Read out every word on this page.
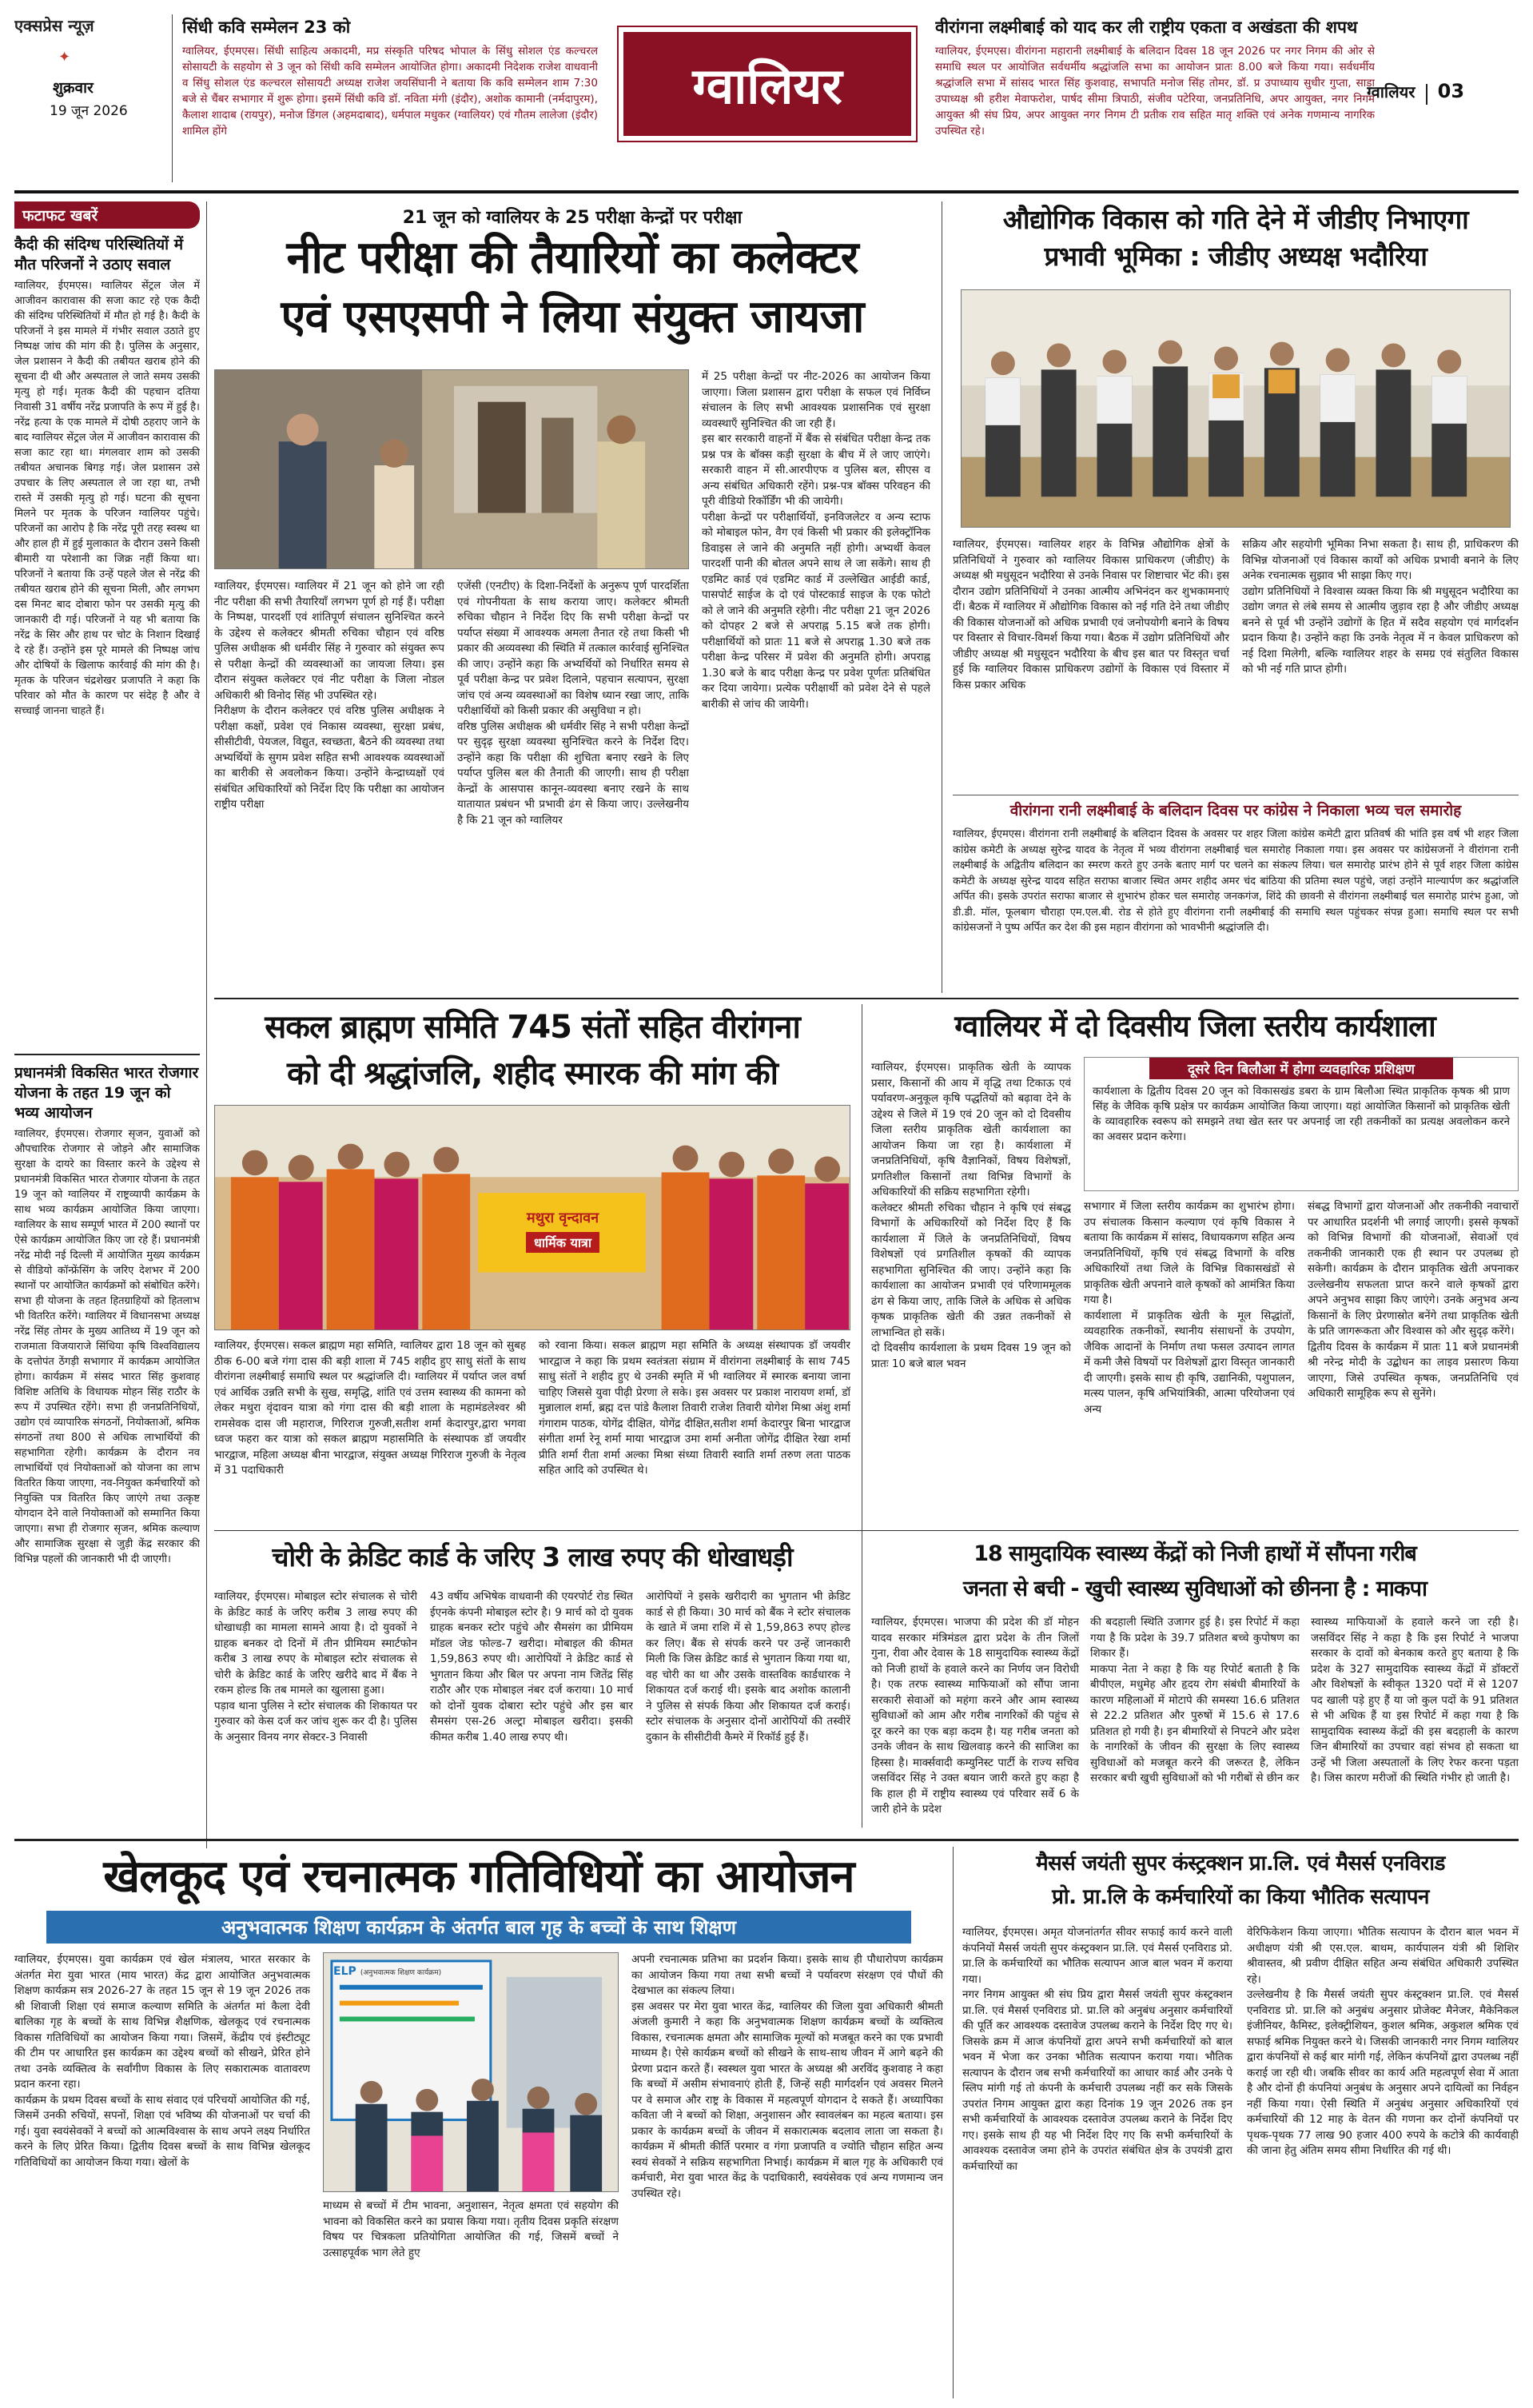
एक्सप्रेस न्यूज़
✦
शुक्रवार
19 जून 2026
सिंधी कवि सम्मेलन 23 को
ग्वालियर, ईएमएस। सिंधी साहित्य अकादमी, मप्र संस्कृति परिषद भोपाल के सिंधु सोशल एंड कल्चरल सोसायटी के सहयोग से 3 जून को सिंधी कवि सम्मेलन आयोजित होगा। अकादमी निदेशक राजेश वाधवानी व सिंधु सोशल एंड कल्चरल सोसायटी अध्यक्ष राजेश जयसिंघानी ने बताया कि कवि सम्मेलन शाम 7:30 बजे से चैंबर सभागार में शुरू होगा। इसमें सिंधी कवि डॉ. नविता मंगी (इंदौर), अशोक कामानी (नर्मदापुरम), कैलाश शादाब (रायपुर), मनोज डिंगल (अहमदाबाद), धर्मपाल मधुकर (ग्वालियर) एवं गौतम लालेजा (इंदौर) शामिल होंगे
ग्वालियर
वीरांगना लक्ष्मीबाई को याद कर ली राष्ट्रीय एकता व अखंडता की शपथ
ग्वालियर, ईएमएस। वीरांगना महारानी लक्ष्मीबाई के बलिदान दिवस 18 जून 2026 पर नगर निगम की ओर से समाधि स्थल पर आयोजित सर्वधर्मीय श्रद्धांजलि सभा का आयोजन प्रातः 8.00 बजे किया गया। सर्वधर्मीय श्रद्धांजलि सभा में सांसद भारत सिंह कुशवाह, सभापति मनोज सिंह तोमर, डॉ. प्र उपाध्याय सुधीर गुप्ता, साडा उपाध्यक्ष श्री हरीश मेवाफरोश, पार्षद सीमा त्रिपाठी, संजीव पटेरिया, जनप्रतिनिधि, अपर आयुक्त, नगर निगम आयुक्त श्री संघ प्रिय, अपर आयुक्त नगर निगम टी प्रतीक राव सहित मातृ शक्ति एवं अनेक गणमान्य नागरिक उपस्थित रहे।
ग्वालियर 03
फटाफट खबरें
कैदी की संदिग्ध परिस्थितियों में मौत परिजनों ने उठाए सवाल
ग्वालियर, ईएमएस। ग्वालियर सेंट्रल जेल में आजीवन कारावास की सजा काट रहे एक कैदी की संदिग्ध परिस्थितियों में मौत हो गई है। कैदी के परिजनों ने इस मामले में गंभीर सवाल उठाते हुए निष्पक्ष जांच की मांग की है। पुलिस के अनुसार, जेल प्रशासन ने कैदी की तबीयत खराब होने की सूचना दी थी और अस्पताल ले जाते समय उसकी मृत्यु हो गई। मृतक कैदी की पहचान दतिया निवासी 31 वर्षीय नरेंद्र प्रजापति के रूप में हुई है। नरेंद्र हत्या के एक मामले में दोषी ठहराए जाने के बाद ग्वालियर सेंट्रल जेल में आजीवन कारावास की सजा काट रहा था। मंगलवार शाम को उसकी तबीयत अचानक बिगड़ गई। जेल प्रशासन उसे उपचार के लिए अस्पताल ले जा रहा था, तभी रास्ते में उसकी मृत्यु हो गई। घटना की सूचना मिलने पर मृतक के परिजन ग्वालियर पहुंचे। परिजनों का आरोप है कि नरेंद्र पूरी तरह स्वस्थ था और हाल ही में हुई मुलाकात के दौरान उसने किसी बीमारी या परेशानी का जिक्र नहीं किया था। परिजनों ने बताया कि उन्हें पहले जेल से नरेंद्र की तबीयत खराब होने की सूचना मिली, और लगभग दस मिनट बाद दोबारा फोन पर उसकी मृत्यु की जानकारी दी गई। परिजनों ने यह भी बताया कि नरेंद्र के सिर और हाथ पर चोट के निशान दिखाई दे रहे हैं। उन्होंने इस पूरे मामले की निष्पक्ष जांच और दोषियों के खिलाफ कार्रवाई की मांग की है। मृतक के परिजन चंद्रशेखर प्रजापति ने कहा कि परिवार को मौत के कारण पर संदेह है और वे सच्चाई जानना चाहते हैं।
प्रधानमंत्री विकसित भारत रोजगार योजना के तहत 19 जून को भव्य आयोजन
ग्वालियर, ईएमएस। रोजगार सृजन, युवाओं को औपचारिक रोजगार से जोड़ने और सामाजिक सुरक्षा के दायरे का विस्तार करने के उद्देश्य से प्रधानमंत्री विकसित भारत रोजगार योजना के तहत 19 जून को ग्वालियर में राष्ट्रव्यापी कार्यक्रम के साथ भव्य कार्यक्रम आयोजित किया जाएगा। ग्वालियर के साथ सम्पूर्ण भारत में 200 स्थानों पर ऐसे कार्यक्रम आयोजित किए जा रहे हैं। प्रधानमंत्री नरेंद्र मोदी नई दिल्ली में आयोजित मुख्य कार्यक्रम से वीडियो कॉन्फ्रेंसिंग के जरिए देशभर में 200 स्थानों पर आयोजित कार्यक्रमों को संबोधित करेंगे। सभा ही योजना के तहत हितग्राहियों को हितलाभ भी वितरित करेंगे। ग्वालियर में विधानसभा अध्यक्ष नरेंद्र सिंह तोमर के मुख्य आतिथ्य में 19 जून को राजमाता विजयाराजे सिंधिया कृषि विश्वविद्यालय के दत्तोपंत ठेंगड़ी सभागार में कार्यक्रम आयोजित होगा। कार्यक्रम में संसद भारत सिंह कुशवाह विशिष्ट अतिथि के विधायक मोहन सिंह राठौर के रूप में उपस्थित रहेंगे। सभा ही जनप्रतिनिधियों, उद्योग एवं व्यापारिक संगठनों, नियोक्ताओं, श्रमिक संगठनों तथा 800 से अधिक लाभार्थियों की सहभागिता रहेगी। कार्यक्रम के दौरान नव लाभार्थियों एवं नियोक्ताओं को योजना का लाभ वितरित किया जाएगा, नव-नियुक्त कर्मचारियों को नियुक्ति पत्र वितरित किए जाएंगे तथा उत्कृष्ट योगदान देने वाले नियोक्ताओं को सम्मानित किया जाएगा। सभा ही रोजगार सृजन, श्रमिक कल्याण और सामाजिक सुरक्षा से जुड़ी केंद्र सरकार की विभिन्न पहलों की जानकारी भी दी जाएगी।
21 जून को ग्वालियर के 25 परीक्षा केन्द्रों पर परीक्षा
नीट परीक्षा की तैयारियों का कलेक्टर
एवं एसएसपी ने लिया संयुक्त जायजा
ग्वालियर, ईएमएस। ग्वालियर में 21 जून को होने जा रही नीट परीक्षा की सभी तैयारियाँ लगभग पूर्ण हो गई हैं। परीक्षा के निष्पक्ष, पारदर्शी एवं शांतिपूर्ण संचालन सुनिश्चित करने के उद्देश्य से कलेक्टर श्रीमती रुचिका चौहान एवं वरिष्ठ पुलिस अधीक्षक श्री धर्मवीर सिंह ने गुरुवार को संयुक्त रूप से परीक्षा केन्द्रों की व्यवस्थाओं का जायजा लिया। इस दौरान संयुक्त कलेक्टर एवं नीट परीक्षा के जिला नोडल अधिकारी श्री विनोद सिंह भी उपस्थित रहे।
निरीक्षण के दौरान कलेक्टर एवं वरिष्ठ पुलिस अधीक्षक ने परीक्षा कक्षों, प्रवेश एवं निकास व्यवस्था, सुरक्षा प्रबंध, सीसीटीवी, पेयजल, विद्युत, स्वच्छता, बैठने की व्यवस्था तथा अभ्यर्थियों के सुगम प्रवेश सहित सभी आवश्यक व्यवस्थाओं का बारीकी से अवलोकन किया। उन्होंने केन्द्राध्यक्षों एवं संबंधित अधिकारियों को निर्देश दिए कि परीक्षा का आयोजन राष्ट्रीय परीक्षा
एजेंसी (एनटीए) के दिशा-निर्देशों के अनुरूप पूर्ण पारदर्शिता एवं गोपनीयता के साथ कराया जाए। कलेक्टर श्रीमती रुचिका चौहान ने निर्देश दिए कि सभी परीक्षा केन्द्रों पर पर्याप्त संख्या में आवश्यक अमला तैनात रहे तथा किसी भी प्रकार की अव्यवस्था की स्थिति में तत्काल कार्रवाई सुनिश्चित की जाए। उन्होंने कहा कि अभ्यर्थियों को निर्धारित समय से पूर्व परीक्षा केन्द्र पर प्रवेश दिलाने, पहचान सत्यापन, सुरक्षा जांच एवं अन्य व्यवस्थाओं का विशेष ध्यान रखा जाए, ताकि परीक्षार्थियों को किसी प्रकार की असुविधा न हो।
वरिष्ठ पुलिस अधीक्षक श्री धर्मवीर सिंह ने सभी परीक्षा केन्द्रों पर सुदृढ़ सुरक्षा व्यवस्था सुनिश्चित करने के निर्देश दिए। उन्होंने कहा कि परीक्षा की शुचिता बनाए रखने के लिए पर्याप्त पुलिस बल की तैनाती की जाएगी। साथ ही परीक्षा केन्द्रों के आसपास कानून-व्यवस्था बनाए रखने के साथ यातायात प्रबंधन भी प्रभावी ढंग से किया जाए। उल्लेखनीय है कि 21 जून को ग्वालियर
में 25 परीक्षा केन्द्रों पर नीट-2026 का आयोजन किया जाएगा। जिला प्रशासन द्वारा परीक्षा के सफल एवं निर्विघ्न संचालन के लिए सभी आवश्यक प्रशासनिक एवं सुरक्षा व्यवस्थाएँ सुनिश्चित की जा रही हैं।
इस बार सरकारी वाहनों में बैंक से संबंधित परीक्षा केन्द्र तक प्रश्न पत्र के बॉक्स कड़ी सुरक्षा के बीच में ले जाए जाएंगे। सरकारी वाहन में सी.आरपीएफ व पुलिस बल, सीएस व अन्य संबंधित अधिकारी रहेंगे। प्रश्न-पत्र बॉक्स परिवहन की पूरी वीडियो रिकॉर्डिंग भी की जायेगी।
परीक्षा केन्द्रों पर परीक्षार्थियों, इनविजलेटर व अन्य स्टाफ को मोबाइल फोन, वैग एवं किसी भी प्रकार की इलेक्ट्रॉनिक डिवाइस ले जाने की अनुमति नहीं होगी। अभ्यर्थी केवल पारदर्शी पानी की बोतल अपने साथ ले जा सकेंगे। साथ ही एडमिट कार्ड एवं एडमिट कार्ड में उल्लेखित आईडी कार्ड, पासपोर्ट साईज के दो एवं पोस्टकार्ड साइज के एक फोटो को ले जाने की अनुमति रहेगी। नीट परीक्षा 21 जून 2026 को दोपहर 2 बजे से अपराह्न 5.15 बजे तक होगी। परीक्षार्थियों को प्रातः 11 बजे से अपराह्न 1.30 बजे तक परीक्षा केन्द्र परिसर में प्रवेश की अनुमति होगी। अपराह्न 1.30 बजे के बाद परीक्षा केन्द्र पर प्रवेश पूर्णतः प्रतिबंधित कर दिया जायेगा। प्रत्येक परीक्षार्थी को प्रवेश देने से पहले बारीकी से जांच की जायेगी।
औद्योगिक विकास को गति देने में जीडीए निभाएगा
प्रभावी भूमिका : जीडीए अध्यक्ष भदौरिया
ग्वालियर, ईएमएस। ग्वालियर शहर के विभिन्न औद्योगिक क्षेत्रों के प्रतिनिधियों ने गुरुवार को ग्वालियर विकास प्राधिकरण (जीडीए) के अध्यक्ष श्री मधुसूदन भदौरिया से उनके निवास पर शिष्टाचार भेंट की। इस दौरान उद्योग प्रतिनिधियों ने उनका आत्मीय अभिनंदन कर शुभकामनाएं दीं। बैठक में ग्वालियर में औद्योगिक विकास को नई गति देने तथा जीडीए की विकास योजनाओं को अधिक प्रभावी एवं जनोपयोगी बनाने के विषय पर विस्तार से विचार-विमर्श किया गया। बैठक में उद्योग प्रतिनिधियों और जीडीए अध्यक्ष श्री मधुसूदन भदौरिया के बीच इस बात पर विस्तृत चर्चा हुई कि ग्वालियर विकास प्राधिकरण उद्योगों के विकास एवं विस्तार में किस प्रकार अधिक
सक्रिय और सहयोगी भूमिका निभा सकता है। साथ ही, प्राधिकरण की विभिन्न योजनाओं एवं विकास कार्यों को अधिक प्रभावी बनाने के लिए अनेक रचनात्मक सुझाव भी साझा किए गए।
उद्योग प्रतिनिधियों ने विश्वास व्यक्त किया कि श्री मधुसूदन भदौरिया का उद्योग जगत से लंबे समय से आत्मीय जुड़ाव रहा है और जीडीए अध्यक्ष बनने से पूर्व भी उन्होंने उद्योगों के हित में सदैव सहयोग एवं मार्गदर्शन प्रदान किया है। उन्होंने कहा कि उनके नेतृत्व में न केवल प्राधिकरण को नई दिशा मिलेगी, बल्कि ग्वालियर शहर के समग्र एवं संतुलित विकास को भी नई गति प्राप्त होगी।
वीरांगना रानी लक्ष्मीबाई के बलिदान दिवस पर कांग्रेस ने निकाला भव्य चल समारोह
ग्वालियर, ईएमएस। वीरांगना रानी लक्ष्मीबाई के बलिदान दिवस के अवसर पर शहर जिला कांग्रेस कमेटी द्वारा प्रतिवर्ष की भांति इस वर्ष भी शहर जिला कांग्रेस कमेटी के अध्यक्ष सुरेन्द्र यादव के नेतृत्व में भव्य वीरांगना लक्ष्मीबाई चल समारोह निकाला गया। इस अवसर पर कांग्रेसजनों ने वीरांगना रानी लक्ष्मीबाई के अद्वितीय बलिदान का स्मरण करते हुए उनके बताए मार्ग पर चलने का संकल्प लिया। चल समारोह प्रारंभ होने से पूर्व शहर जिला कांग्रेस कमेटी के अध्यक्ष सुरेन्द्र यादव सहित सराफा बाजार स्थित अमर शहीद अमर चंद बांठिया की प्रतिमा स्थल पहुंचे, जहां उन्होंने माल्यार्पण कर श्रद्धांजलि अर्पित की। इसके उपरांत सराफा बाजार से शुभारंभ होकर चल समारोह जनकगंज, शिंदे की छावनी से वीरांगना लक्ष्मीबाई चल समारोह प्रारंभ हुआ, जो डी.डी. मॉल, फूलबाग चौराहा एम.एल.बी. रोड से होते हुए वीरांगना रानी लक्ष्मीबाई की समाधि स्थल पहुंचकर संपन्न हुआ। समाधि स्थल पर सभी कांग्रेसजनों ने पुष्प अर्पित कर देश की इस महान वीरांगना को भावभीनी श्रद्धांजलि दी।
सकल ब्राह्मण समिति 745 संतों सहित वीरांगना
को दी श्रद्धांजलि, शहीद स्मारक की मांग की
मथुरा वृन्दावन
धार्मिक यात्रा
ग्वालियर, ईएमएस। सकल ब्राह्मण महा समिति, ग्वालियर द्वारा 18 जून को सुबह ठीक 6-00 बजे गंगा दास की बड़ी शाला में 745 शहीद हुए साधु संतों के साथ वीरांगना लक्ष्मीबाई समाधि स्थल पर श्रद्धांजलि दी। ग्वालियर में पर्याप्त जल वर्षा एवं आर्थिक उन्नति सभी के सुख, समृद्धि, शांति एवं उत्तम स्वास्थ्य की कामना को लेकर मथुरा वृंदावन यात्रा को गंगा दास की बड़ी शाला के महामंडलेश्वर श्री रामसेवक दास जी महाराज, गिरिराज गुरुजी,सतीश शर्मा केदारपुर,द्वारा भगवा ध्वज फहरा कर यात्रा को सकल ब्राह्मण महासमिति के संस्थापक डॉ जयवीर भारद्वाज, महिला अध्यक्ष बीना भारद्वाज, संयुक्त अध्यक्ष गिरिराज गुरुजी के नेतृत्व में 31 पदाधिकारी
को रवाना किया। सकल ब्राह्मण महा समिति के अध्यक्ष संस्थापक डॉ जयवीर भारद्वाज ने कहा कि प्रथम स्वतंत्रता संग्राम में वीरांगना लक्ष्मीबाई के साथ 745 साधु संतों ने शहीद हुए थे उनकी स्मृति में भी ग्वालियर में स्मारक बनाया जाना चाहिए जिससे युवा पीढ़ी प्रेरणा ले सके। इस अवसर पर प्रकाश नारायण शर्मा, डॉ मुन्नालाल शर्मा, ब्रह्म दत्त पांडे कैलाश तिवारी राजेश तिवारी योगेश मिश्रा अंशु शर्मा गंगाराम पाठक, योगेंद्र दीक्षित, योगेंद्र दीक्षित,सतीश शर्मा केदारपुर बिना भारद्वाज संगीता शर्मा रेनू शर्मा माया भारद्वाज उमा शर्मा अनीता जोगेंद्र दीक्षित रेखा शर्मा प्रीति शर्मा रीता शर्मा अल्का मिश्रा संध्या तिवारी स्वाति शर्मा तरुण लता पाठक सहित आदि को उपस्थित थे।
ग्वालियर में दो दिवसीय जिला स्तरीय कार्यशाला
ग्वालियर, ईएमएस। प्राकृतिक खेती के व्यापक प्रसार, किसानों की आय में वृद्धि तथा टिकाऊ एवं पर्यावरण-अनुकूल कृषि पद्धतियों को बढ़ावा देने के उद्देश्य से जिले में 19 एवं 20 जून को दो दिवसीय जिला स्तरीय प्राकृतिक खेती कार्यशाला का आयोजन किया जा रहा है। कार्यशाला में जनप्रतिनिधियों, कृषि वैज्ञानिकों, विषय विशेषज्ञों, प्रगतिशील किसानों तथा विभिन्न विभागों के अधिकारियों की सक्रिय सहभागिता रहेगी।
कलेक्टर श्रीमती रुचिका चौहान ने कृषि एवं संबद्ध विभागों के अधिकारियों को निर्देश दिए हैं कि कार्यशाला में जिले के जनप्रतिनिधियों, विषय विशेषज्ञों एवं प्रगतिशील कृषकों की व्यापक सहभागिता सुनिश्चित की जाए। उन्होंने कहा कि कार्यशाला का आयोजन प्रभावी एवं परिणाममूलक ढंग से किया जाए, ताकि जिले के अधिक से अधिक कृषक प्राकृतिक खेती की उन्नत तकनीकों से लाभान्वित हो सकें।
दो दिवसीय कार्यशाला के प्रथम दिवस 19 जून को प्रातः 10 बजे बाल भवन
दूसरे दिन बिलौआ में होगा व्यवहारिक प्रशिक्षण
कार्यशाला के द्वितीय दिवस 20 जून को विकासखंड डबरा के ग्राम बिलौआ स्थित प्राकृतिक कृषक श्री प्राण सिंह के जैविक कृषि प्रक्षेत्र पर कार्यक्रम आयोजित किया जाएगा। यहां आयोजित किसानों को प्राकृतिक खेती के व्यावहारिक स्वरूप को समझने तथा खेत स्तर पर अपनाई जा रही तकनीकों का प्रत्यक्ष अवलोकन करने का अवसर प्रदान करेगा।
सभागार में जिला स्तरीय कार्यक्रम का शुभारंभ होगा। उप संचालक किसान कल्याण एवं कृषि विकास ने बताया कि कार्यक्रम में सांसद, विधायकगण सहित अन्य जनप्रतिनिधियों, कृषि एवं संबद्ध विभागों के वरिष्ठ अधिकारियों तथा जिले के विभिन्न विकासखंडों से प्राकृतिक खेती अपनाने वाले कृषकों को आमंत्रित किया गया है।
कार्यशाला में प्राकृतिक खेती के मूल सिद्धांतों, व्यवहारिक तकनीकों, स्थानीय संसाधनों के उपयोग, जैविक आदानों के निर्माण तथा फसल उत्पादन लागत में कमी जैसे विषयों पर विशेषज्ञों द्वारा विस्तृत जानकारी दी जाएगी। इसके साथ ही कृषि, उद्यानिकी, पशुपालन, मत्स्य पालन, कृषि अभियांत्रिकी, आत्मा परियोजना एवं अन्य
संबद्ध विभागों द्वारा योजनाओं और तकनीकी नवाचारों पर आधारित प्रदर्शनी भी लगाई जाएगी। इससे कृषकों को विभिन्न विभागों की योजनाओं, सेवाओं एवं तकनीकी जानकारी एक ही स्थान पर उपलब्ध हो सकेगी। कार्यक्रम के दौरान प्राकृतिक खेती अपनाकर उल्लेखनीय सफलता प्राप्त करने वाले कृषकों द्वारा अपने अनुभव साझा किए जाएंगे। उनके अनुभव अन्य किसानों के लिए प्रेरणास्रोत बनेंगे तथा प्राकृतिक खेती के प्रति जागरूकता और विश्वास को और सुदृढ़ करेंगे।
द्वितीय दिवस के कार्यक्रम में प्रातः 11 बजे प्रधानमंत्री श्री नरेन्द्र मोदी के उद्बोधन का लाइव प्रसारण किया जाएगा, जिसे उपस्थित कृषक, जनप्रतिनिधि एवं अधिकारी सामूहिक रूप से सुनेंगे।
चोरी के क्रेडिट कार्ड के जरिए 3 लाख रुपए की धोखाधड़ी
ग्वालियर, ईएमएस। मोबाइल स्टोर संचालक से चोरी के क्रेडिट कार्ड के जरिए करीब 3 लाख रुपए की धोखाधड़ी का मामला सामने आया है। दो युवकों ने ग्राहक बनकर दो दिनों में तीन प्रीमियम स्मार्टफोन करीब 3 लाख रुपए के मोबाइल स्टोर संचालक से चोरी के क्रेडिट कार्ड के जरिए खरीदे बाद में बैंक ने रकम होल्ड कि तब मामले का खुलासा हुआ।
पड़ाव थाना पुलिस ने स्टोर संचालक की शिकायत पर गुरुवार को केस दर्ज कर जांच शुरू कर दी है। पुलिस के अनुसार विनय नगर सेक्टर-3 निवासी
43 वर्षीय अभिषेक वाधवानी की एयरपोर्ट रोड स्थित ईएनके कंपनी मोबाइल स्टोर है। 9 मार्च को दो युवक ग्राहक बनकर स्टोर पहुंचे और सैमसंग का प्रीमियम मॉडल जेड फोल्ड-7 खरीदा। मोबाइल की कीमत 1,59,863 रुपए थी। आरोपियों ने क्रेडिट कार्ड से भुगतान किया और बिल पर अपना नाम जितेंद्र सिंह राठौर और एक मोबाइल नंबर दर्ज कराया। 10 मार्च को दोनों युवक दोबारा स्टोर पहुंचे और इस बार सैमसंग एस-26 अल्ट्रा मोबाइल खरीदा। इसकी कीमत करीब 1.40 लाख रुपए थी।
आरोपियों ने इसके खरीदारी का भुगतान भी क्रेडिट कार्ड से ही किया। 30 मार्च को बैंक ने स्टोर संचालक के खाते में जमा राशि में से 1,59,863 रुपए होल्ड कर लिए। बैंक से संपर्क करने पर उन्हें जानकारी मिली कि जिस क्रेडिट कार्ड से भुगतान किया गया था, वह चोरी का था और उसके वास्तविक कार्डधारक ने शिकायत दर्ज कराई थी। इसके बाद अशोक कालानी ने पुलिस से संपर्क किया और शिकायत दर्ज कराई। स्टोर संचालक के अनुसार दोनों आरोपियों की तस्वीरें दुकान के सीसीटीवी कैमरे में रिकॉर्ड हुई हैं।
18 सामुदायिक स्वास्थ्य केंद्रों को निजी हाथों में सौंपना गरीब
जनता से बची - खुची स्वास्थ्य सुविधाओं को छीनना है : माकपा
ग्वालियर, ईएमएस। भाजपा की प्रदेश की डॉ मोहन यादव सरकार मंत्रिमंडल द्वारा प्रदेश के तीन जिलों गुना, रीवा और देवास के 18 सामुदायिक स्वास्थ्य केंद्रों को निजी हाथों के हवाले करने का निर्णय जन विरोधी है। एक तरफ स्वास्थ्य माफियाओं को सौंपा जाना सरकारी सेवाओं को महंगा करने और आम स्वास्थ्य सुविधाओं को आम और गरीब नागरिकों की पहुंच से दूर करने का एक बड़ा कदम है। यह गरीब जनता को उनके जीवन के साथ खिलवाड़ करने की साजिश का हिस्सा है। मार्क्सवादी कम्युनिस्ट पार्टी के राज्य सचिव जसविंदर सिंह ने उक्त बयान जारी करते हुए कहा है कि हाल ही में राष्ट्रीय स्वास्थ्य एवं परिवार सर्वे 6 के जारी होने के प्रदेश
की बदहाली स्थिति उजागर हुई है। इस रिपोर्ट में कहा गया है कि प्रदेश के 39.7 प्रतिशत बच्चे कुपोषण का शिकार हैं।
माकपा नेता ने कहा है कि यह रिपोर्ट बताती है कि बीपीएल, मधुमेह और हृदय रोग संबंधी बीमारियों के कारण महिलाओं में मोटापे की समस्या 16.6 प्रतिशत से 22.2 प्रतिशत और पुरुषों में 15.6 से 17.6 प्रतिशत हो गयी है। इन बीमारियों से निपटने और प्रदेश के नागरिकों के जीवन की सुरक्षा के लिए स्वास्थ्य सुविधाओं को मजबूत करने की जरूरत है, लेकिन सरकार बची खुची सुविधाओं को भी गरीबों से छीन कर
स्वास्थ्य माफियाओं के हवाले करने जा रही है। जसविंदर सिंह ने कहा है कि इस रिपोर्ट ने भाजपा सरकार के दावों को बेनकाब करते हुए बताया है कि प्रदेश के 327 सामुदायिक स्वास्थ्य केंद्रों में डॉक्टरों और विशेषज्ञों के स्वीकृत 1320 पदों में से 1207 पद खाली पड़े हुए हैं या जो कुल पदों के 91 प्रतिशत से भी अधिक हैं या इस रिपोर्ट में कहा गया है कि सामुदायिक स्वास्थ्य केंद्रों की इस बदहाली के कारण जिन बीमारियों का उपचार वहां संभव हो सकता था उन्हें भी जिला अस्पतालों के लिए रेफर करना पड़ता है। जिस कारण मरीजों की स्थिति गंभीर हो जाती है।
खेलकूद एवं रचनात्मक गतिविधियों का आयोजन
अनुभवात्मक शिक्षण कार्यक्रम के अंतर्गत बाल गृह के बच्चों के साथ शिक्षण
ग्वालियर, ईएमएस। युवा कार्यक्रम एवं खेल मंत्रालय, भारत सरकार के अंतर्गत मेरा युवा भारत (माय भारत) केंद्र द्वारा आयोजित अनुभवात्मक शिक्षण कार्यक्रम सत्र 2026-27 के तहत 15 जून से 19 जून 2026 तक श्री शिवाजी शिक्षा एवं समाज कल्याण समिति के अंतर्गत मां कैला देवी बालिका गृह के बच्चों के साथ विभिन्न शैक्षणिक, खेलकूद एवं रचनात्मक विकास गतिविधियों का आयोजन किया गया। जिसमें, केंद्रीय एवं इंस्टीट्यूट की टीम पर आधारित इस कार्यक्रम का उद्देश्य बच्चों को सीखने, प्रेरित होने तथा उनके व्यक्तित्व के सर्वांगीण विकास के लिए सकारात्मक वातावरण प्रदान करना रहा।
कार्यक्रम के प्रथम दिवस बच्चों के साथ संवाद एवं परिचयों आयोजित की गई, जिसमें उनकी रुचियों, सपनों, शिक्षा एवं भविष्य की योजनाओं पर चर्चा की गई। युवा स्वयंसेवकों ने बच्चों को आत्मविश्वास के साथ अपने लक्ष्य निर्धारित करने के लिए प्रेरित किया। द्वितीय दिवस बच्चों के साथ विभिन्न खेलकूद गतिविधियों का आयोजन किया गया। खेलों के
ELP (अनुभवात्मक शिक्षण कार्यक्रम)
माध्यम से बच्चों में टीम भावना, अनुशासन, नेतृत्व क्षमता एवं सहयोग की भावना को विकसित करने का प्रयास किया गया। तृतीय दिवस प्रकृति संरक्षण विषय पर चित्रकला प्रतियोगिता आयोजित की गई, जिसमें बच्चों ने उत्साहपूर्वक भाग लेते हुए
अपनी रचनात्मक प्रतिभा का प्रदर्शन किया। इसके साथ ही पौधारोपण कार्यक्रम का आयोजन किया गया तथा सभी बच्चों ने पर्यावरण संरक्षण एवं पौधों की देखभाल का संकल्प लिया।
इस अवसर पर मेरा युवा भारत केंद्र, ग्वालियर की जिला युवा अधिकारी श्रीमती अंजली कुमारी ने कहा कि अनुभवात्मक शिक्षण कार्यक्रम बच्चों के व्यक्तित्व विकास, रचनात्मक क्षमता और सामाजिक मूल्यों को मजबूत करने का एक प्रभावी माध्यम है। ऐसे कार्यक्रम बच्चों को सीखने के साथ-साथ जीवन में आगे बढ़ने की प्रेरणा प्रदान करते हैं। स्वस्थल युवा भारत के अध्यक्ष श्री अरविंद कुशवाह ने कहा कि बच्चों में असीम संभावनाएं होती हैं, जिन्हें सही मार्गदर्शन एवं अवसर मिलने पर वे समाज और राष्ट्र के विकास में महत्वपूर्ण योगदान दे सकते हैं। अध्यापिका कविता जी ने बच्चों को शिक्षा, अनुशासन और स्वावलंबन का महत्व बताया। इस प्रकार के कार्यक्रम बच्चों के जीवन में सकारात्मक बदलाव लाता जा सकता है। कार्यक्रम में श्रीमती कीर्ति परमार व गंगा प्रजापति व ज्योति चौहान सहित अन्य स्वयं सेवकों ने सक्रिय सहभागिता निभाई। कार्यक्रम में बाल गृह के अधिकारी एवं कर्मचारी, मेरा युवा भारत केंद्र के पदाधिकारी, स्वयंसेवक एवं अन्य गणमान्य जन उपस्थित रहे।
मैसर्स जयंती सुपर कंस्ट्रक्शन प्रा.लि. एवं मैसर्स एनविराड
प्रो. प्रा.लि के कर्मचारियों का किया भौतिक सत्यापन
ग्वालियर, ईएमएस। अमृत योजनांतर्गत सीवर सफाई कार्य करने वाली कंपनियों मैसर्स जयंती सुपर कंस्ट्रक्शन प्रा.लि. एवं मैसर्स एनविराड प्रो. प्रा.लि के कर्मचारियों का भौतिक सत्यापन आज बाल भवन में कराया गया।
नगर निगम आयुक्त श्री संघ प्रिय द्वारा मैसर्स जयंती सुपर कंस्ट्रक्शन प्रा.लि. एवं मैसर्स एनविराड प्रो. प्रा.लि को अनुबंध अनुसार कर्मचारियों की पूर्ति कर आवश्यक दस्तावेज उपलब्ध कराने के निर्देश दिए गए थे। जिसके क्रम में आज कंपनियों द्वारा अपने सभी कर्मचारियों को बाल भवन में भेजा कर उनका भौतिक सत्यापन कराया गया। भौतिक सत्यापन के दौरान जब सभी कर्मचारियों का आधार कार्ड और उनके पे स्लिप मांगी गई तो कंपनी के कर्मचारी उपलब्ध नहीं कर सके जिसके उपरांत निगम आयुक्त द्वारा कहा दिनांक 19 जून 2026 तक इन सभी कर्मचारियों के आवश्यक दस्तावेज उपलब्ध कराने के निर्देश दिए गए। इसके साथ ही यह भी निर्देश दिए गए कि सभी कर्मचारियों के आवश्यक दस्तावेज जमा होने के उपरांत संबंधित क्षेत्र के उपयंत्री द्वारा कर्मचारियों का
वेरिफिकेशन किया जाएगा। भौतिक सत्यापन के दौरान बाल भवन में अधीक्षण यंत्री श्री एस.एल. बाथम, कार्यपालन यंत्री श्री शिशिर श्रीवास्तव, श्री प्रवीण दीक्षित सहित अन्य संबंधित अधिकारी उपस्थित रहे।
उल्लेखनीय है कि मैसर्स जयंती सुपर कंस्ट्रक्शन प्रा.लि. एवं मैसर्स एनविराड प्रो. प्रा.लि को अनुबंध अनुसार प्रोजेक्ट मैनेजर, मैकेनिकल इंजीनियर, कैमिस्ट, इलेक्ट्रीशियन, कुशल श्रमिक, अकुशल श्रमिक एवं सफाई श्रमिक नियुक्त करने थे। जिसकी जानकारी नगर निगम ग्वालियर द्वारा कंपनियों से कई बार मांगी गई, लेकिन कंपनियों द्वारा उपलब्ध नहीं कराई जा रही थी। जबकि सीवर का कार्य अति महत्वपूर्ण सेवा में आता है और दोनों ही कंपनियां अनुबंध के अनुसार अपने दायित्वों का निर्वहन नहीं किया गया। ऐसी स्थिति में अनुबंध अनुसार अधिकारियों एवं कर्मचारियों की 12 माह के वेतन की गणना कर दोनों कंपनियों पर पृथक-पृथक 77 लाख 90 हजार 400 रुपये के कटोत्रे की कार्यवाही की जाना हेतु अंतिम समय सीमा निर्धारित की गई थी।
